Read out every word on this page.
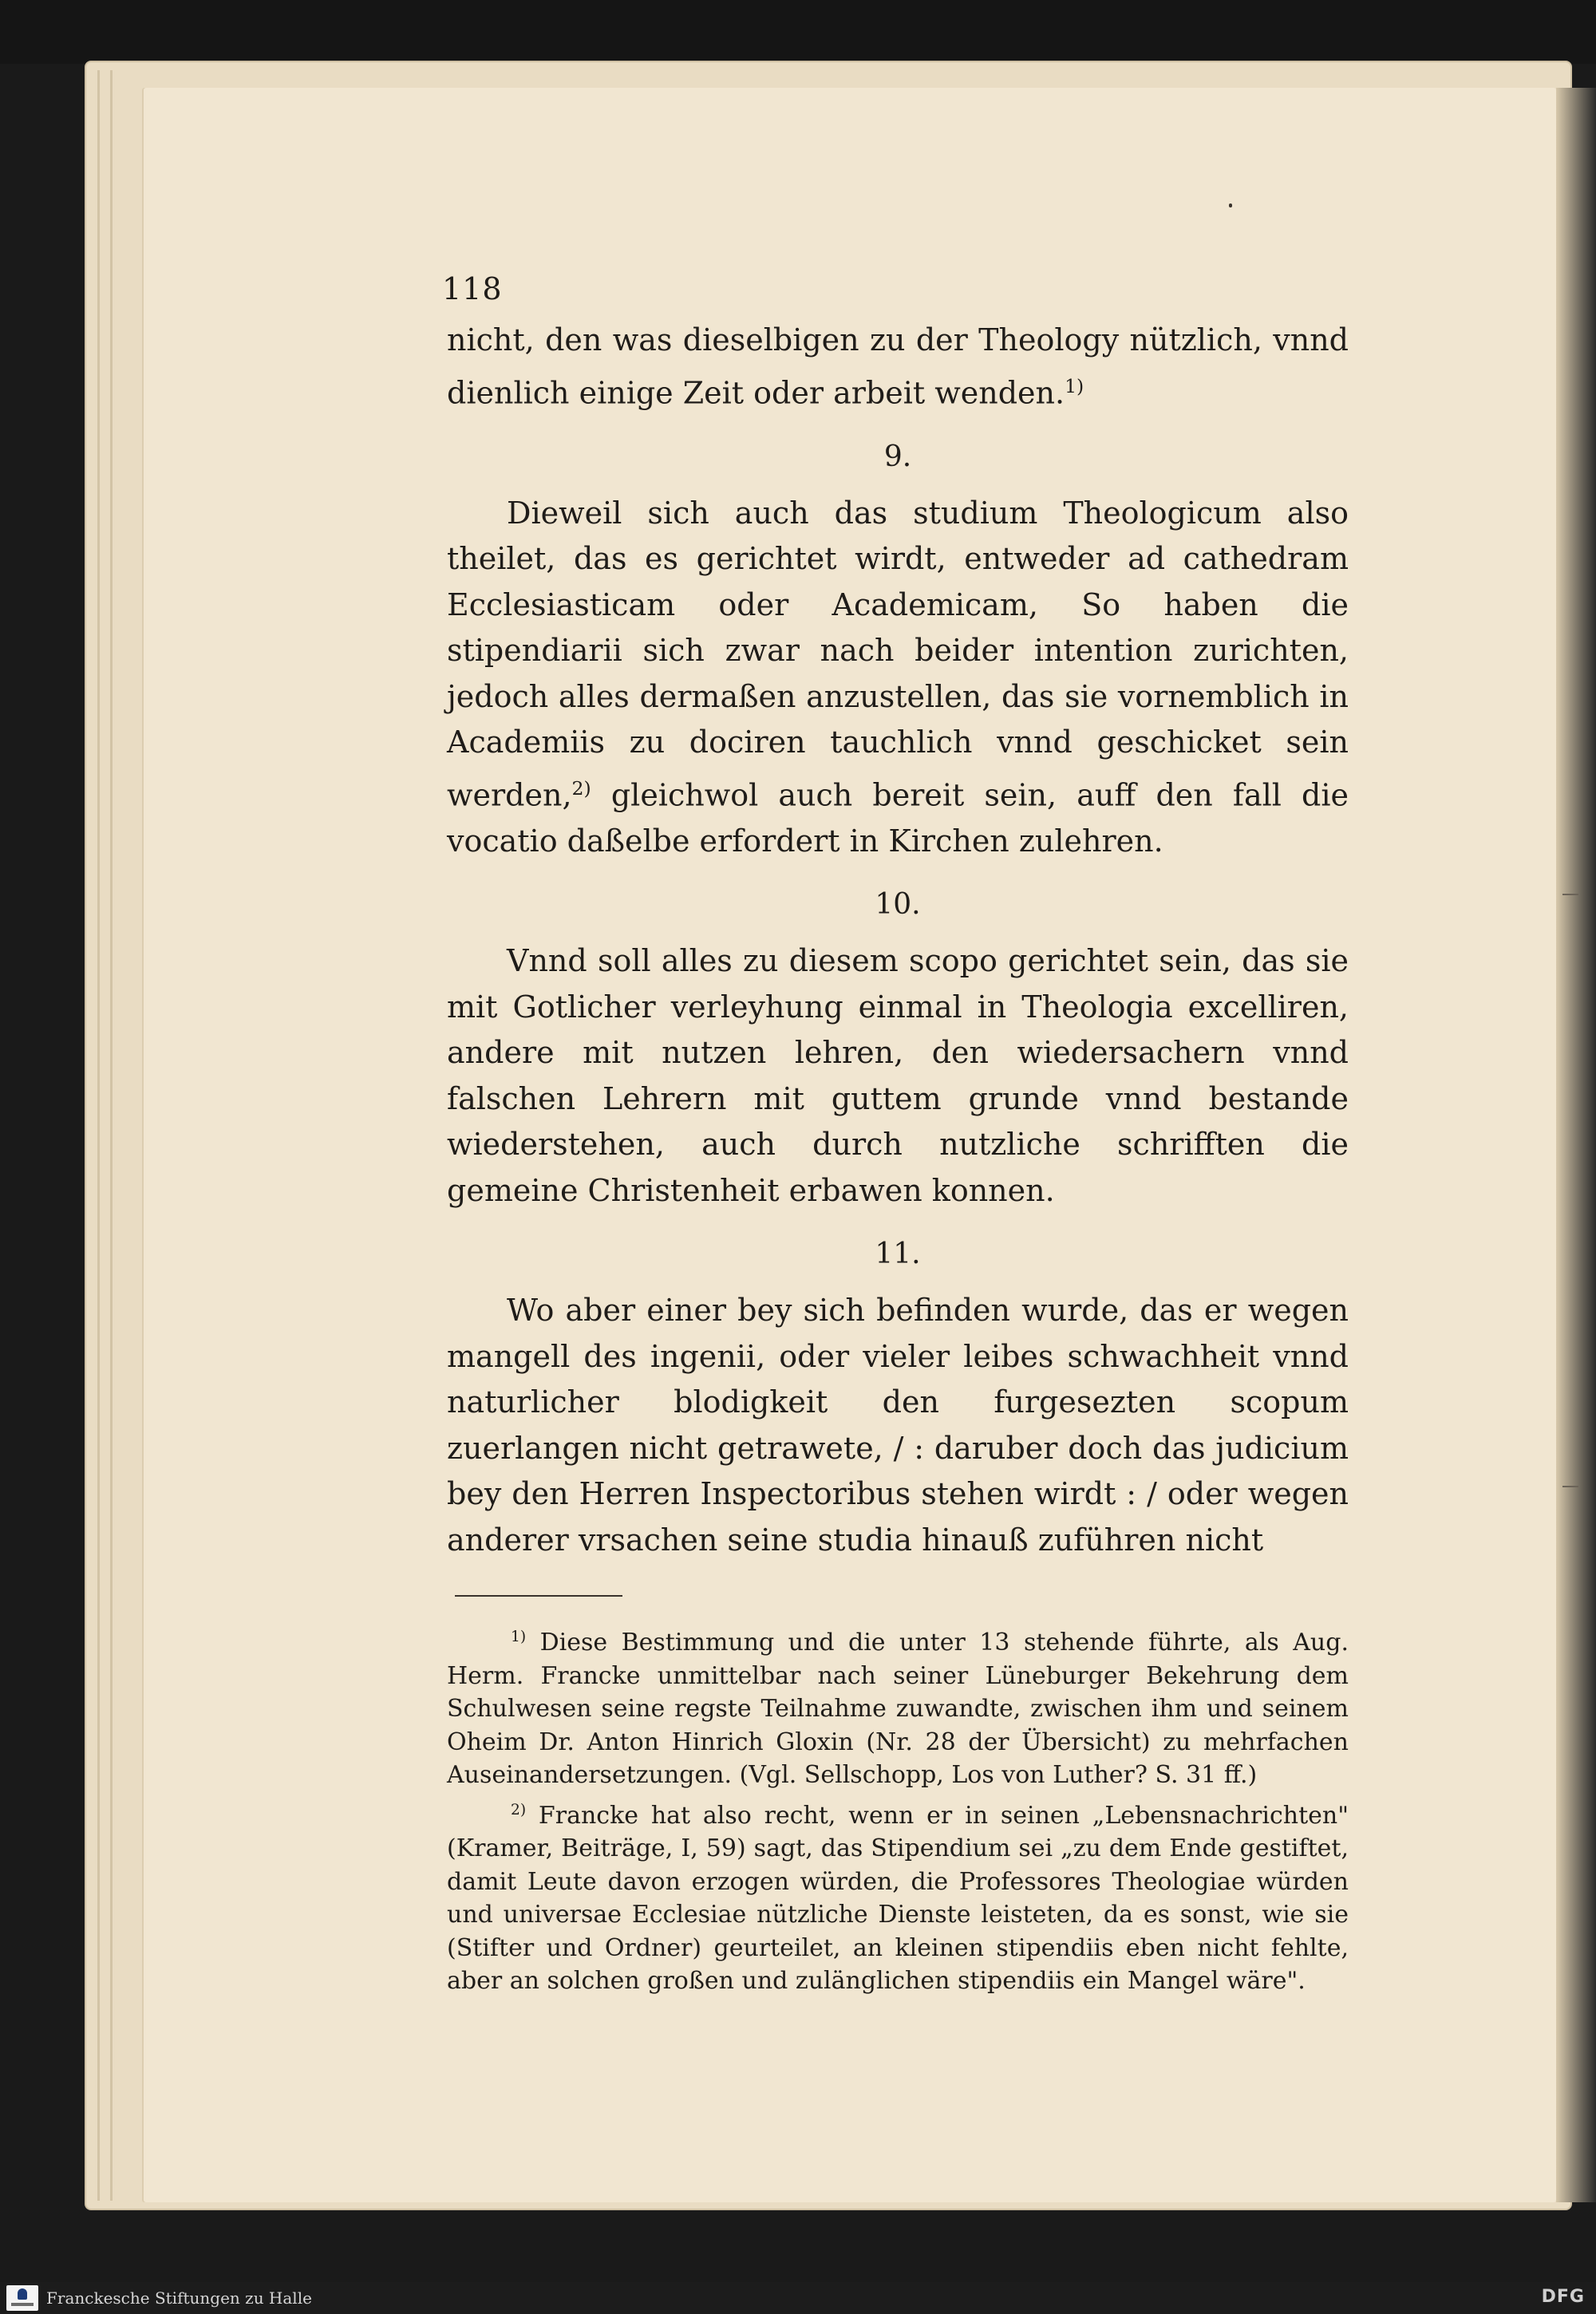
118

nicht, den was dieselbigen zu der Theology nützlich, vnnd dienlich einige Zeit oder arbeit wenden.$^{1)}$

9.

Dieweil sich auch das studium Theologicum also theilet, das es gerichtet wirdt, entweder ad cathedram Ecclesiasticam oder Academicam, So haben die stipendiarii sich zwar nach beider intention zurichten, jedoch alles dermaßen anzustellen, das sie vornemblich in Academiis zu dociren tauchlich vnnd geschicket sein werden,$^{2)}$ gleichwol auch bereit sein, auff den fall die vocatio daßelbe erfordert in Kirchen zulehren.

10.

Vnnd soll alles zu diesem scopo gerichtet sein, das sie mit Gotlicher verleyhung einmal in Theologia excelliren, andere mit nutzen lehren, den wiedersachern vnnd falschen Lehrern mit guttem grunde vnnd bestande wiederstehen, auch durch nutzliche schrifften die gemeine Christenheit erbawen konnen.

11.

Wo aber einer bey sich befinden wurde, das er wegen mangell des ingenii, oder vieler leibes schwachheit vnnd naturlicher blodigkeit den furgesezten scopum zuerlangen nicht getrawete, / : daruber doch das judicium bey den Herren Inspectoribus stehen wirdt : / oder wegen anderer vrsachen seine studia hinauß zuführen nicht

$^{1)}$ Diese Bestimmung und die unter 13 stehende führte, als Aug. Herm. Francke unmittelbar nach seiner Lüneburger Bekehrung dem Schulwesen seine regste Teilnahme zuwandte, zwischen ihm und seinem Oheim Dr. Anton Hinrich Gloxin (Nr. 28 der Übersicht) zu mehrfachen Auseinandersetzungen. (Vgl. Sellschopp, Los von Luther? S. 31 ff.)

$^{2)}$ Francke hat also recht, wenn er in seinen „Lebensnachrichten" (Kramer, Beiträge, I, 59) sagt, das Stipendium sei „zu dem Ende gestiftet, damit Leute davon erzogen würden, die Professores Theologiae würden und universae Ecclesiae nützliche Dienste leisteten, da es sonst, wie sie (Stifter und Ordner) geurteilet, an kleinen stipendiis eben nicht fehlte, aber an solchen großen und zulänglichen stipendiis ein Mangel wäre".

Franckesche Stiftungen zu Halle	DFG
